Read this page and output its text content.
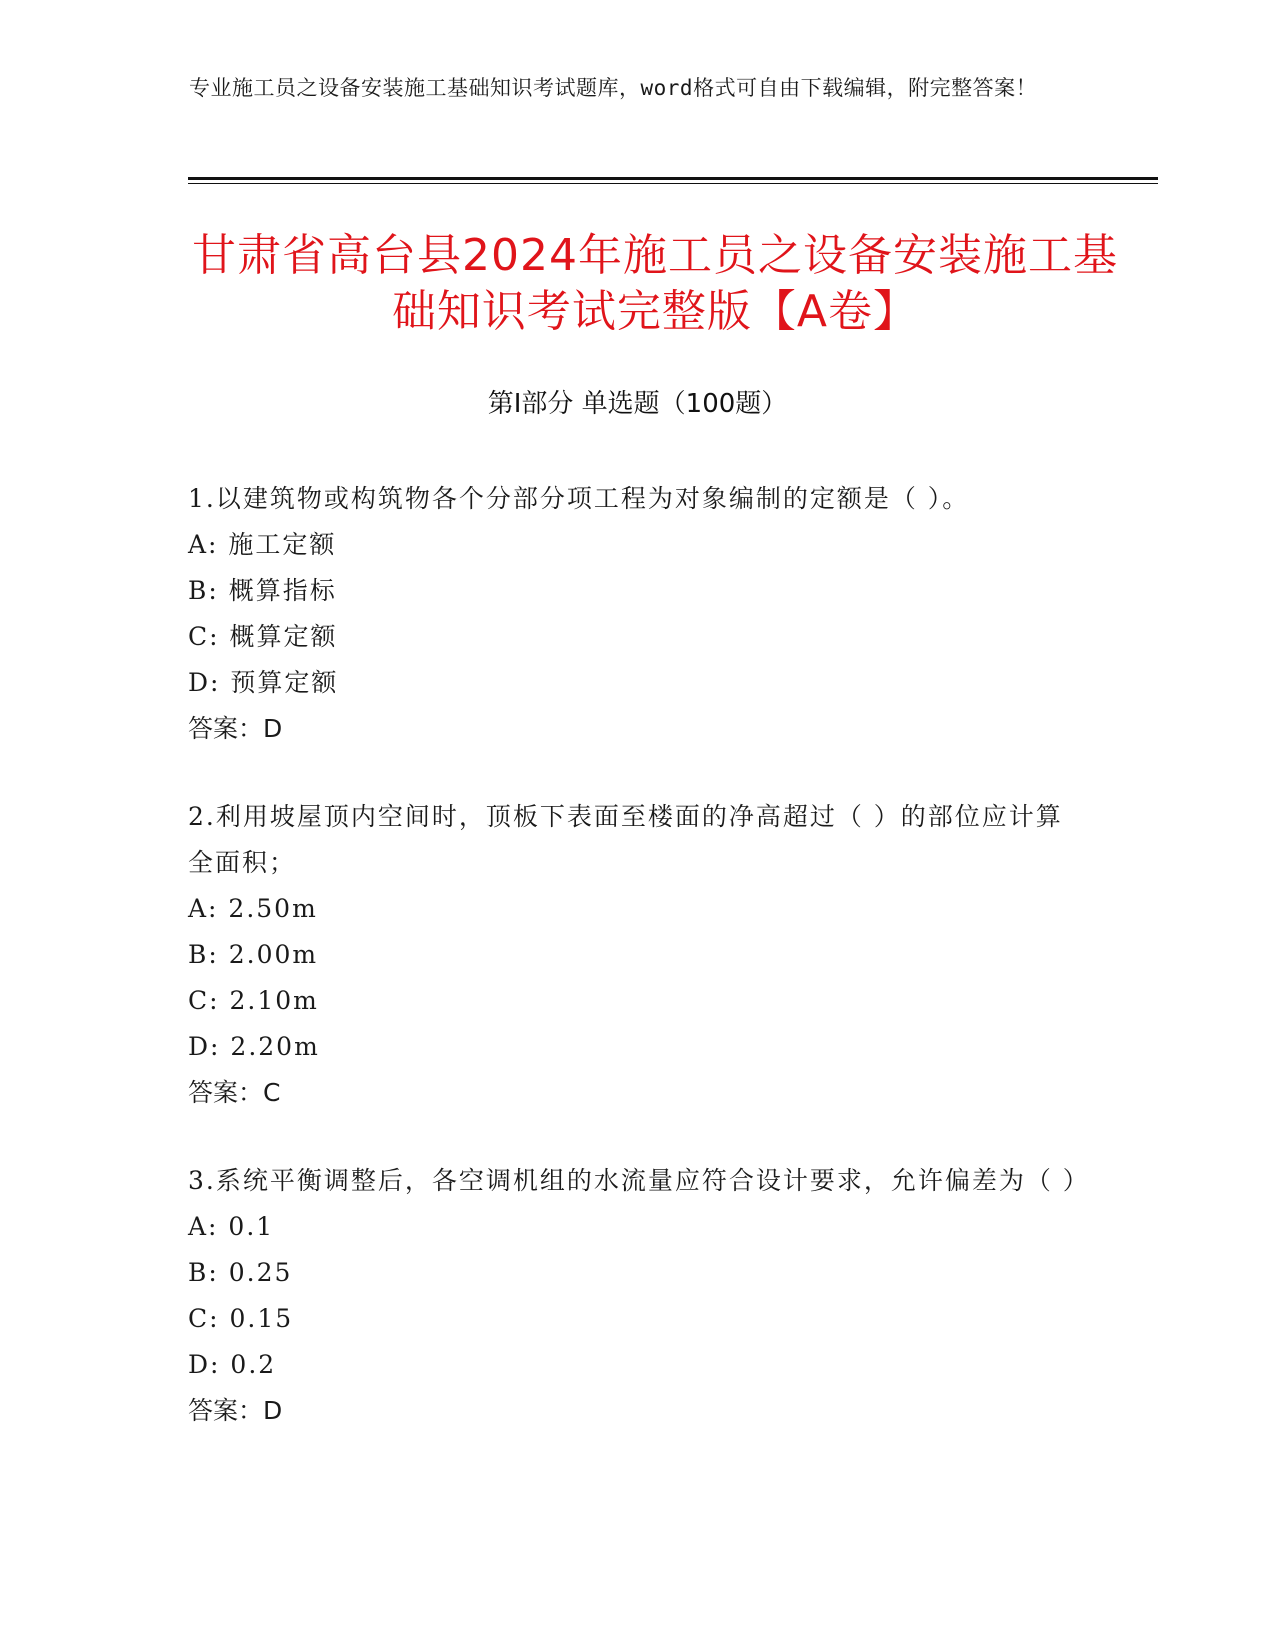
专业施工员之设备安装施工基础知识考试题库，word格式可自由下载编辑，附完整答案！
甘肃省高台县2024年施工员之设备安装施工基础知识考试完整版【A卷】
第I部分 单选题（100题）

1.以建筑物或构筑物各个分部分项工程为对象编制的定额是（ ）。

A: 施工定额

B: 概算指标

C: 概算定额

D: 预算定额

答案：D

2.利用坡屋顶内空间时，顶板下表面至楼面的净高超过（ ）的部位应计算全面积；

A: 2.50m

B: 2.00m

C: 2.10m

D: 2.20m

答案：C

3.系统平衡调整后，各空调机组的水流量应符合设计要求，允许偏差为（ ）

A: 0.1

B: 0.25

C: 0.15

D: 0.2

答案：D
